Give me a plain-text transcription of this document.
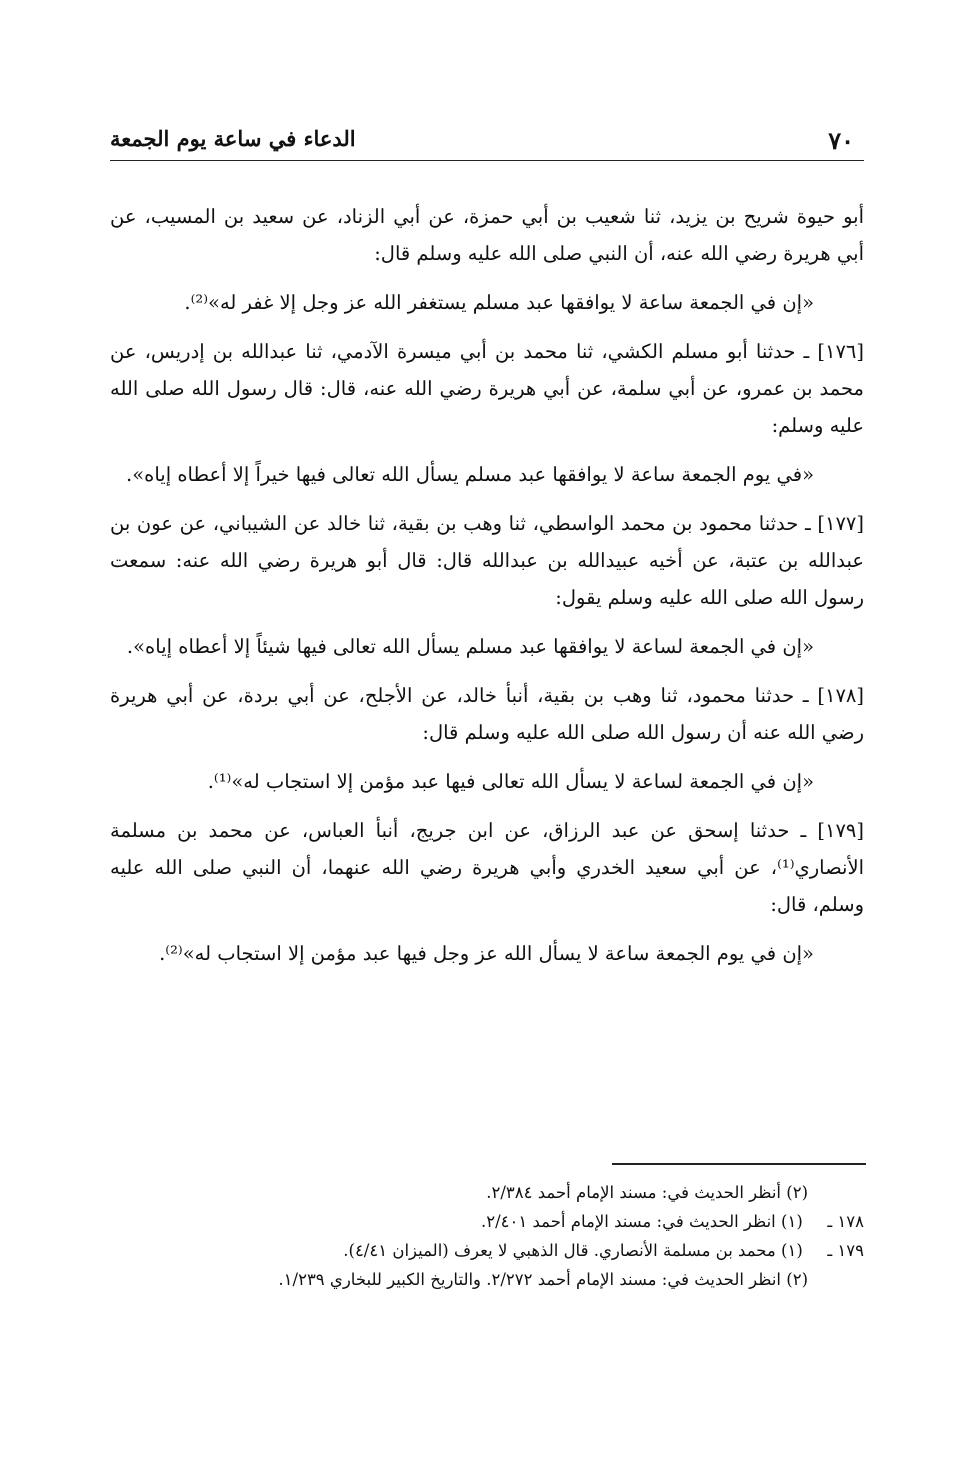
٧٠
الدعاء في ساعة يوم الجمعة

أبو حيوة شريح بن يزيد، ثنا شعيب بن أبي حمزة، عن أبي الزناد، عن سعيد بن المسيب، عن أبي هريرة رضي الله عنه، أن النبي صلى الله عليه وسلم قال:

«إن في الجمعة ساعة لا يوافقها عبد مسلم يستغفر الله عز وجل إلا غفر له»⁽²⁾.

[١٧٦] ـ حدثنا أبو مسلم الكشي، ثنا محمد بن أبي ميسرة الآدمي، ثنا عبدالله بن إدريس، عن محمد بن عمرو، عن أبي سلمة، عن أبي هريرة رضي الله عنه، قال: قال رسول الله صلى الله عليه وسلم:

«في يوم الجمعة ساعة لا يوافقها عبد مسلم يسأل الله تعالى فيها خيراً إلا أعطاه إياه».

[١٧٧] ـ حدثنا محمود بن محمد الواسطي، ثنا وهب بن بقية، ثنا خالد عن الشيباني، عن عون بن عبدالله بن عتبة، عن أخيه عبيدالله بن عبدالله قال: قال أبو هريرة رضي الله عنه: سمعت رسول الله صلى الله عليه وسلم يقول:

«إن في الجمعة لساعة لا يوافقها عبد مسلم يسأل الله تعالى فيها شيئاً إلا أعطاه إياه».

[١٧٨] ـ حدثنا محمود، ثنا وهب بن بقية، أنبأ خالد، عن الأجلح، عن أبي بردة، عن أبي هريرة رضي الله عنه أن رسول الله صلى الله عليه وسلم قال:

«إن في الجمعة لساعة لا يسأل الله تعالى فيها عبد مؤمن إلا استجاب له»⁽¹⁾.

[١٧٩] ـ حدثنا إسحق عن عبد الرزاق، عن ابن جريج، أنبأ العباس، عن محمد بن مسلمة الأنصاري⁽¹⁾، عن أبي سعيد الخدري وأبي هريرة رضي الله عنهما، أن النبي صلى الله عليه وسلم، قال:

«إن في يوم الجمعة ساعة لا يسأل الله عز وجل فيها عبد مؤمن إلا استجاب له»⁽²⁾.

(٢) أنظر الحديث في: مسند الإمام أحمد ٢/٣٨٤.
١٧٨ ـ (١) انظر الحديث في: مسند الإمام أحمد ٢/٤٠١.
١٧٩ ـ (١) محمد بن مسلمة الأنصاري. قال الذهبي لا يعرف (الميزان ٤/٤١).
(٢) انظر الحديث في: مسند الإمام أحمد ٢/٢٧٢. والتاريخ الكبير للبخاري ١/٢٣٩.
